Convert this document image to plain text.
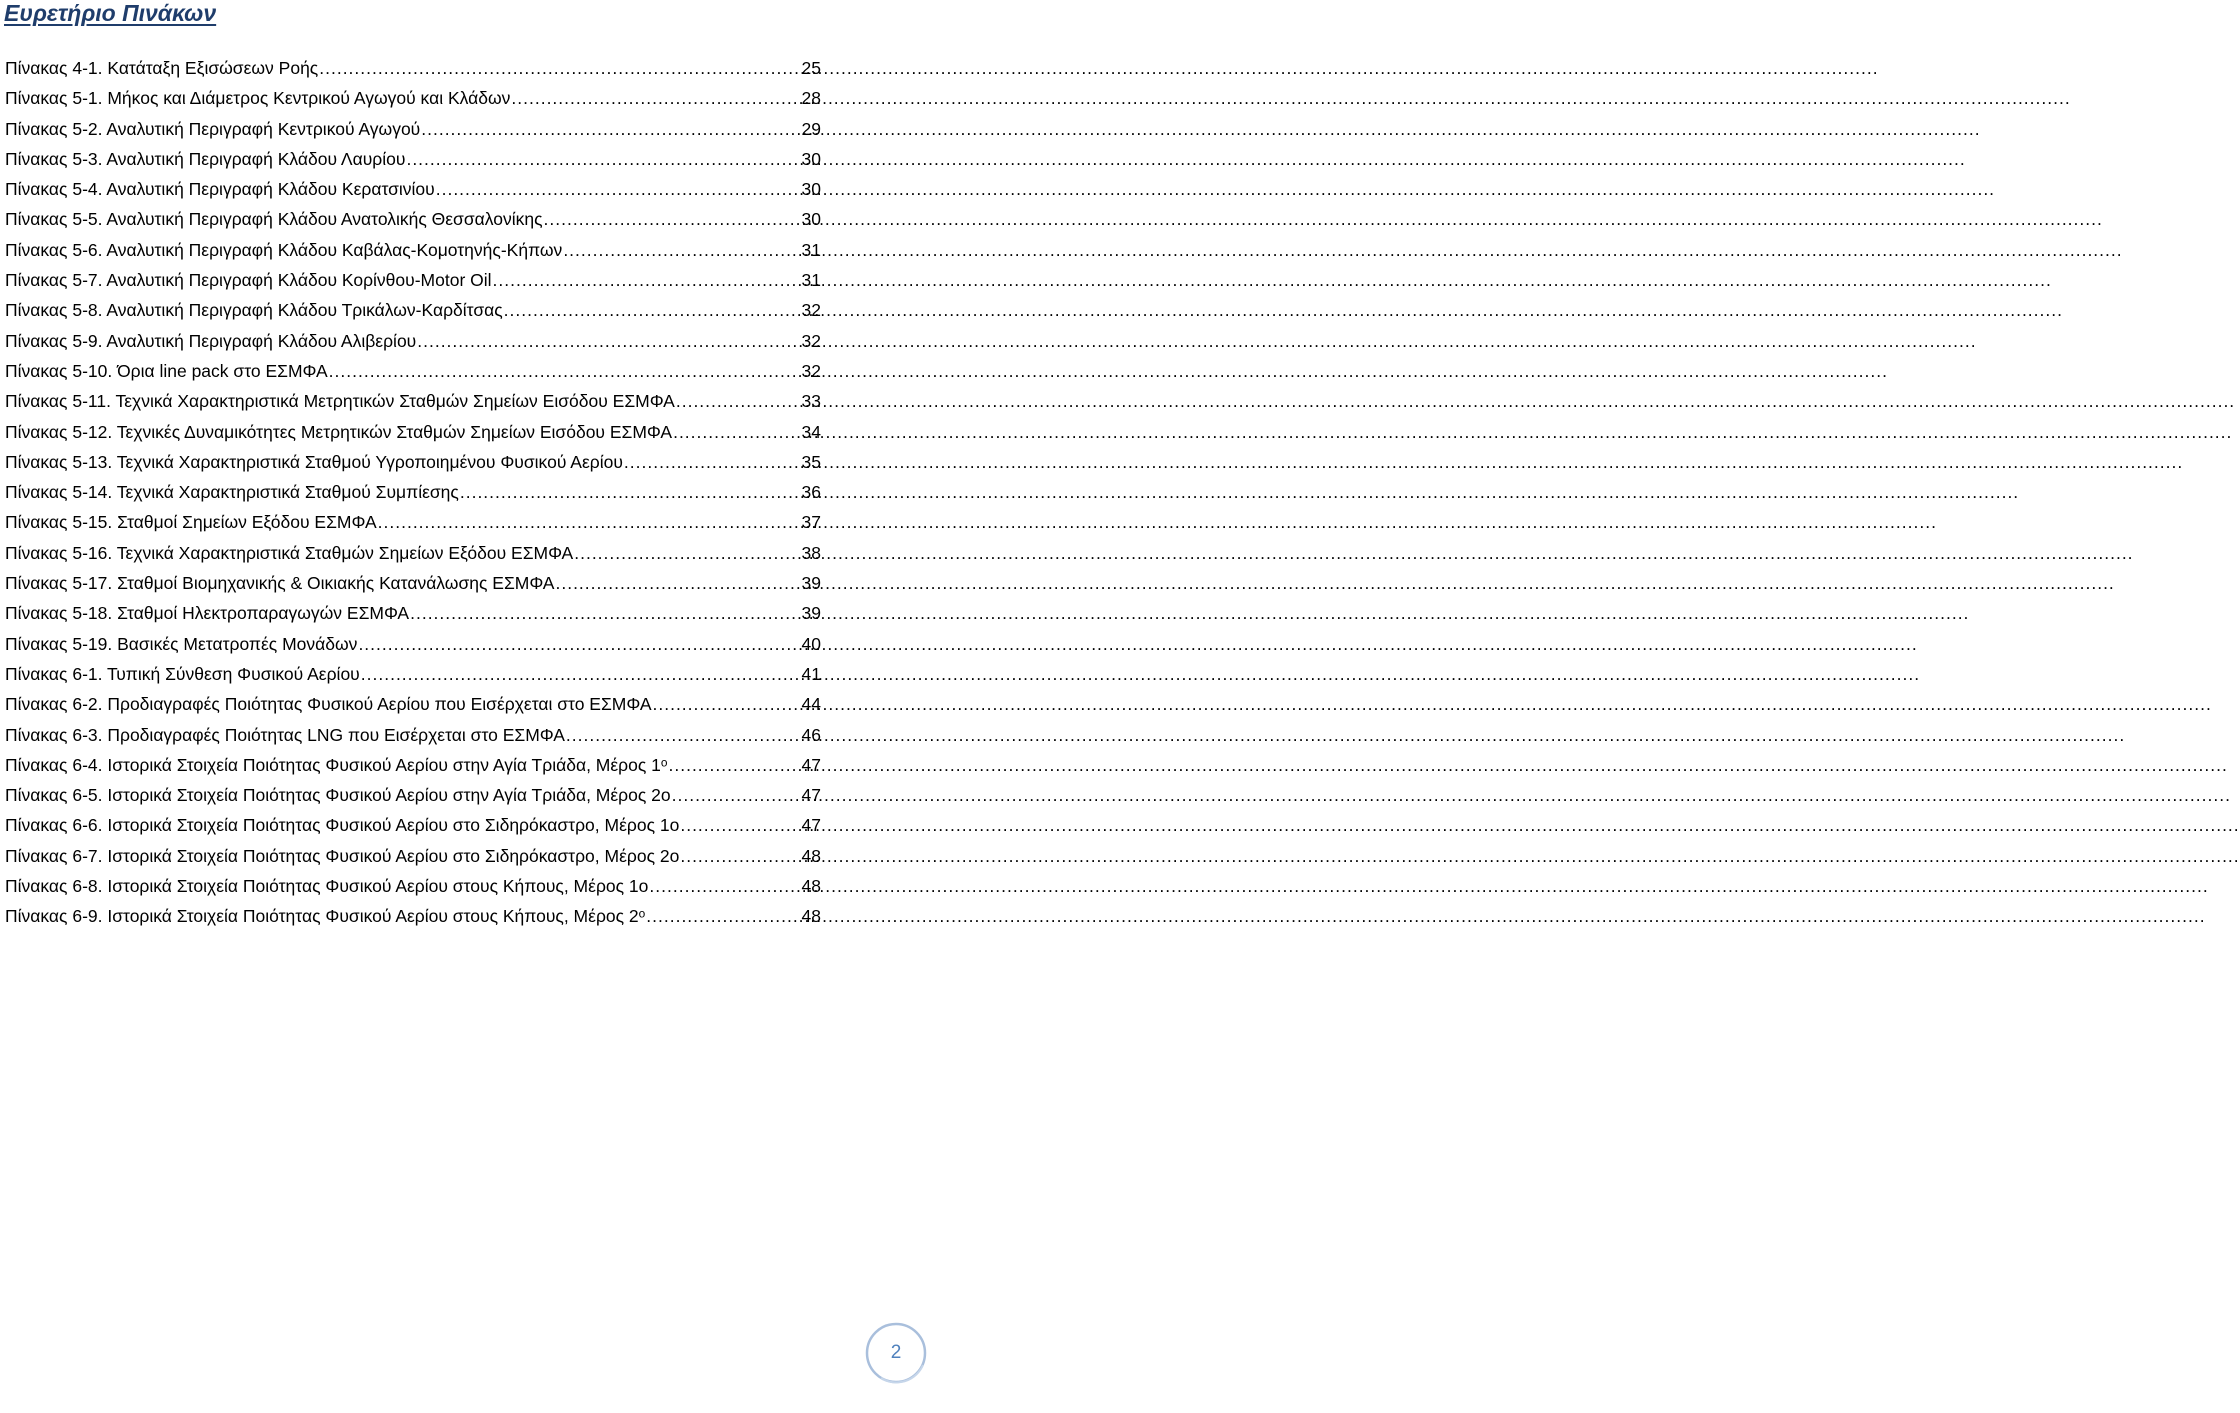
Ευρετήριο Πινάκων
Πίνακας 4-1. Κατάταξη Εξισώσεων Ροής .....	25
Πίνακας 5-1. Μήκος και Διάμετρος Κεντρικού Αγωγού και Κλάδων .....	28
Πίνακας 5-2. Αναλυτική Περιγραφή Κεντρικού Αγωγού .....	29
Πίνακας 5-3. Αναλυτική Περιγραφή Κλάδου Λαυρίου .....	30
Πίνακας 5-4. Αναλυτική Περιγραφή Κλάδου Κερατσινίου .....	30
Πίνακας 5-5. Αναλυτική Περιγραφή Κλάδου Ανατολικής Θεσσαλονίκης .....	30
Πίνακας 5-6. Αναλυτική Περιγραφή Κλάδου Καβάλας-Κομοτηνής-Κήπων .....	31
Πίνακας 5-7. Αναλυτική Περιγραφή Κλάδου Κορίνθου-Motor Oil .....	31
Πίνακας 5-8. Αναλυτική Περιγραφή Κλάδου Τρικάλων-Καρδίτσας .....	32
Πίνακας 5-9. Αναλυτική Περιγραφή Κλάδου Αλιβερίου .....	32
Πίνακας 5-10. Όρια line pack στο ΕΣΜΦΑ .....	32
Πίνακας 5-11. Τεχνικά Χαρακτηριστικά Μετρητικών Σταθμών Σημείων Εισόδου ΕΣΜΦΑ .....	33
Πίνακας 5-12. Τεχνικές Δυναμικότητες Μετρητικών Σταθμών Σημείων Εισόδου ΕΣΜΦΑ .....	34
Πίνακας 5-13. Τεχνικά Χαρακτηριστικά Σταθμού Υγροποιημένου Φυσικού Αερίου .....	35
Πίνακας 5-14. Τεχνικά Χαρακτηριστικά Σταθμού Συμπίεσης .....	36
Πίνακας 5-15. Σταθμοί Σημείων Εξόδου ΕΣΜΦΑ .....	37
Πίνακας 5-16. Τεχνικά Χαρακτηριστικά Σταθμών Σημείων Εξόδου ΕΣΜΦΑ .....	38
Πίνακας 5-17. Σταθμοί Βιομηχανικής & Οικιακής Κατανάλωσης ΕΣΜΦΑ .....	39
Πίνακας 5-18. Σταθμοί Ηλεκτροπαραγωγών ΕΣΜΦΑ .....	39
Πίνακας 5-19. Βασικές Μετατροπές Μονάδων .....	40
Πίνακας 6-1. Τυπική Σύνθεση Φυσικού Αερίου .....	41
Πίνακας 6-2. Προδιαγραφές Ποιότητας Φυσικού Αερίου που Εισέρχεται στο ΕΣΜΦΑ .....	44
Πίνακας 6-3. Προδιαγραφές Ποιότητας LNG που Εισέρχεται στο ΕΣΜΦΑ .....	46
Πίνακας 6-4. Ιστορικά Στοιχεία Ποιότητας Φυσικού Αερίου στην Αγία Τριάδα, Μέρος 1ᵒ .....	47
Πίνακας 6-5. Ιστορικά Στοιχεία Ποιότητας Φυσικού Αερίου στην Αγία Τριάδα, Μέρος 2ο .....	47
Πίνακας 6-6. Ιστορικά Στοιχεία Ποιότητας Φυσικού Αερίου στο Σιδηρόκαστρο, Μέρος 1ο .....	47
Πίνακας 6-7. Ιστορικά Στοιχεία Ποιότητας Φυσικού Αερίου στο Σιδηρόκαστρο, Μέρος 2ο .....	48
Πίνακας 6-8. Ιστορικά Στοιχεία Ποιότητας Φυσικού Αερίου στους Κήπους, Μέρος 1ο .....	48
Πίνακας 6-9. Ιστορικά Στοιχεία Ποιότητας Φυσικού Αερίου στους Κήπους, Μέρος 2ᵒ .....	48
2
